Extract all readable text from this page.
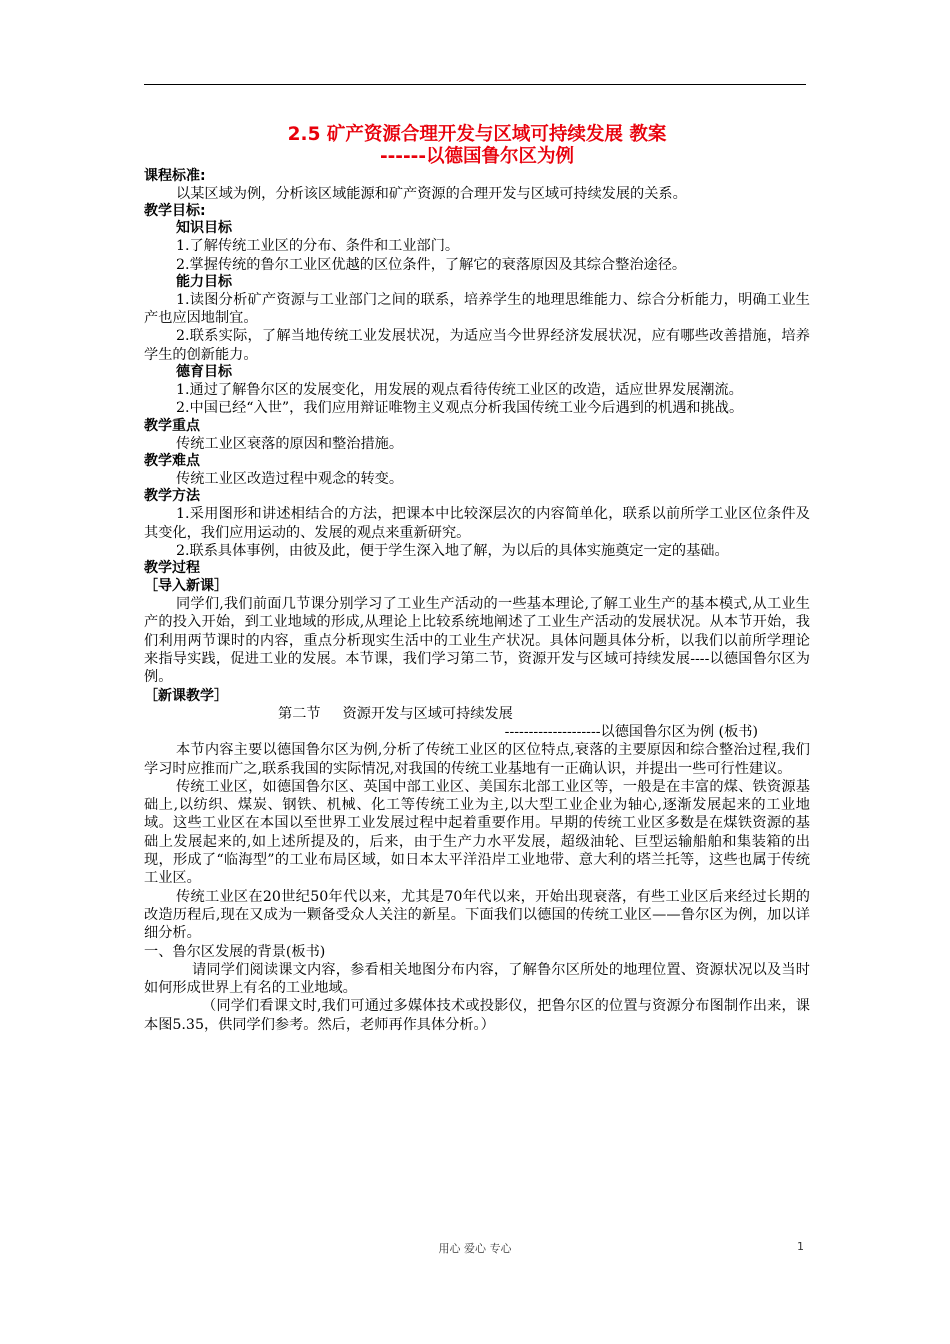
2.5 矿产资源合理开发与区域可持续发展 教案
------以德国鲁尔区为例
课程标准:

以某区域为例，分析该区域能源和矿产资源的合理开发与区域可持续发展的关系。

教学目标:
知识目标

1.了解传统工业区的分布、条件和工业部门。

2.掌握传统的鲁尔工业区优越的区位条件，了解它的衰落原因及其综合整治途径。

能力目标

1.读图分析矿产资源与工业部门之间的联系，培养学生的地理思维能力、综合分析能力，明确工业生产也应因地制宜。

2.联系实际，了解当地传统工业发展状况，为适应当今世界经济发展状况，应有哪些改善措施，培养学生的创新能力。

德育目标

1.通过了解鲁尔区的发展变化，用发展的观点看待传统工业区的改造，适应世界发展潮流。

2.中国已经“入世”，我们应用辩证唯物主义观点分析我国传统工业今后遇到的机遇和挑战。

教学重点

传统工业区衰落的原因和整治措施。

教学难点

传统工业区改造过程中观念的转变。

教学方法

1.采用图形和讲述相结合的方法，把课本中比较深层次的内容简单化，联系以前所学工业区位条件及其变化，我们应用运动的、发展的观点来重新研究。

2.联系具体事例，由彼及此，便于学生深入地了解，为以后的具体实施奠定一定的基础。

教学过程
［导入新课］

同学们,我们前面几节课分别学习了工业生产活动的一些基本理论,了解工业生产的基本模式,从工业生产的投入开始，到工业地域的形成,从理论上比较系统地阐述了工业生产活动的发展状况。从本节开始，我们利用两节课时的内容，重点分析现实生活中的工业生产状况。具体问题具体分析，以我们以前所学理论来指导实践，促进工业的发展。本节课，我们学习第二节，资源开发与区域可持续发展----以德国鲁尔区为例。

［新课教学］

第二节 资源开发与区域可持续发展

--------------------以德国鲁尔区为例 (板书)

本节内容主要以德国鲁尔区为例,分析了传统工业区的区位特点,衰落的主要原因和综合整治过程,我们学习时应推而广之,联系我国的实际情况,对我国的传统工业基地有一正确认识，并提出一些可行性建议。

传统工业区，如德国鲁尔区、英国中部工业区、美国东北部工业区等，一般是在丰富的煤、铁资源基础上,以纺织、煤炭、钢铁、机械、化工等传统工业为主,以大型工业企业为轴心,逐渐发展起来的工业地域。这些工业区在本国以至世界工业发展过程中起着重要作用。早期的传统工业区多数是在煤铁资源的基础上发展起来的,如上述所提及的，后来，由于生产力水平发展，超级油轮、巨型运输船舶和集装箱的出现，形成了“临海型”的工业布局区域，如日本太平洋沿岸工业地带、意大利的塔兰托等，这些也属于传统工业区。

传统工业区在20世纪50年代以来，尤其是70年代以来，开始出现衰落，有些工业区后来经过长期的改造历程后,现在又成为一颗备受众人关注的新星。下面我们以德国的传统工业区——鲁尔区为例，加以详细分析。

一、鲁尔区发展的背景(板书)

请同学们阅读课文内容，参看相关地图分布内容，了解鲁尔区所处的地理位置、资源状况以及当时如何形成世界上有名的工业地域。

（同学们看课文时,我们可通过多媒体技术或投影仪，把鲁尔区的位置与资源分布图制作出来，课本图5.35，供同学们参考。然后，老师再作具体分析。）

用心 爱心 专心	1
